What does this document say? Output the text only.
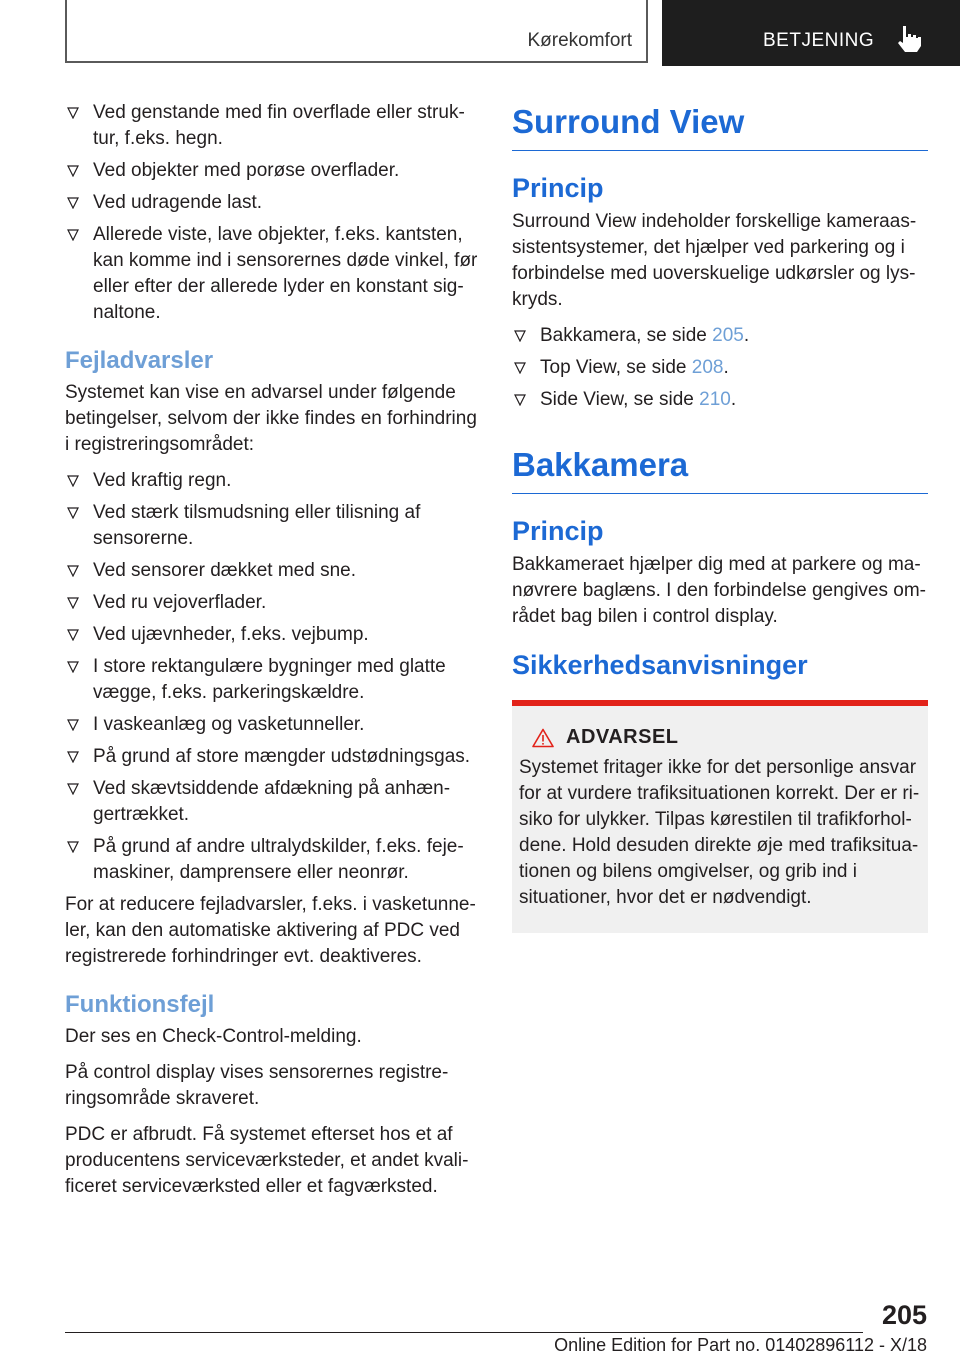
Kørekomfort	BETJENING
Ved genstande med fin overflade eller struk-tur, f.eks. hegn.
Ved objekter med porøse overflader.
Ved udragende last.
Allerede viste, lave objekter, f.eks. kantsten, kan komme ind i sensorernes døde vinkel, før eller efter der allerede lyder en konstant sig-naltone.
Fejladvarsler

Systemet kan vise en advarsel under følgende betingelser, selvom der ikke findes en forhindring i registreringsområdet:

Ved kraftig regn.
Ved stærk tilsmudsning eller tilisning af sensorerne.
Ved sensorer dækket med sne.
Ved ru vejoverflader.
Ved ujævnheder, f.eks. vejbump.
I store rektangulære bygninger med glatte vægge, f.eks. parkeringskældre.
I vaskeanlæg og vasketunneller.
På grund af store mængder udstødningsgas.
Ved skævtsiddende afdækning på anhæn-gertrækket.
På grund af andre ultralydskilder, f.eks. feje-maskiner, damprensere eller neonrør.

For at reducere fejladvarsler, f.eks. i vasketunne-ler, kan den automatiske aktivering af PDC ved registrerede forhindringer evt. deaktiveres.

Funktionsfejl

Der ses en Check-Control-melding.

På control display vises sensorernes registre-ringsområde skraveret.

PDC er afbrudt. Få systemet efterset hos et af producentens serviceværksteder, et andet kvali-ficeret serviceværksted eller et fagværksted.

Surround View
Princip

Surround View indeholder forskellige kameraas-sistentsystemer, det hjælper ved parkering og i forbindelse med uoverskuelige udkørsler og lys-kryds.

Bakkamera, se side 205.
Top View, se side 208.
Side View, se side 210.
Bakkamera
Princip

Bakkameraet hjælper dig med at parkere og ma-nøvrere baglæns. I den forbindelse gengives om-rådet bag bilen i control display.

Sikkerhedsanvisninger
ADVARSEL

Systemet fritager ikke for det personlige ansvar for at vurdere trafiksituationen korrekt. Der er ri-siko for ulykker. Tilpas kørestilen til trafikforhol-dene. Hold desuden direkte øje med trafiksitua-tionen og bilens omgivelser, og grib ind i situationer, hvor det er nødvendigt.

205
Online Edition for Part no. 01402896112 - X/18
